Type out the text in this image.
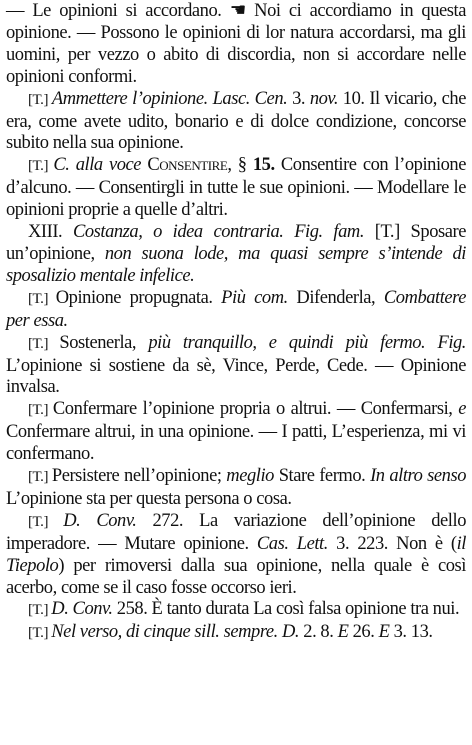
— Le opinioni si accordano. ☚ Noi ci accordiamo in questa opinione. — Possono le opinioni di lor natura accordarsi, ma gli uomini, per vezzo o abito di discordia, non si accordare nelle opinioni conformi.

[T.] Ammettere l’opinione. Lasc. Cen. 3. nov. 10. Il vicario, che era, come avete udito, bonario e di dolce condizione, concorse subito nella sua opinione.

[T.] C. alla voce Consentire, § 15. Consentire con l’opinione d’alcuno. — Consentirgli in tutte le sue opinioni. — Modellare le opinioni proprie a quelle d’altri.

XIII. Costanza, o idea contraria. Fig. fam. [T.] Sposare un’opinione, non suona lode, ma quasi sempre s’intende di sposalizio mentale infelice.

[T.] Opinione propugnata. Più com. Difenderla, Combattere per essa.

[T.] Sostenerla, più tranquillo, e quindi più fermo. Fig. L’opinione si sostiene da sè, Vince, Perde, Cede. — Opinione invalsa.

[T.] Confermare l’opinione propria o altrui. — Confermarsi, e Confermare altrui, in una opinione. — I patti, L’esperienza, mi vi confermano.

[T.] Persistere nell’opinione; meglio Stare fermo. In altro senso L’opinione sta per questa persona o cosa.

[T.] D. Conv. 272. La variazione dell’opinione dello imperadore. — Mutare opinione. Cas. Lett. 3. 223. Non è (il Tiepolo) per rimoversi dalla sua opinione, nella quale è così acerbo, come se il caso fosse occorso ieri.

[T.] D. Conv. 258. È tanto durata La così falsa opinione tra nui.

[T.] Nel verso, di cinque sill. sempre. D. 2. 8. E 26. E 3. 13.
